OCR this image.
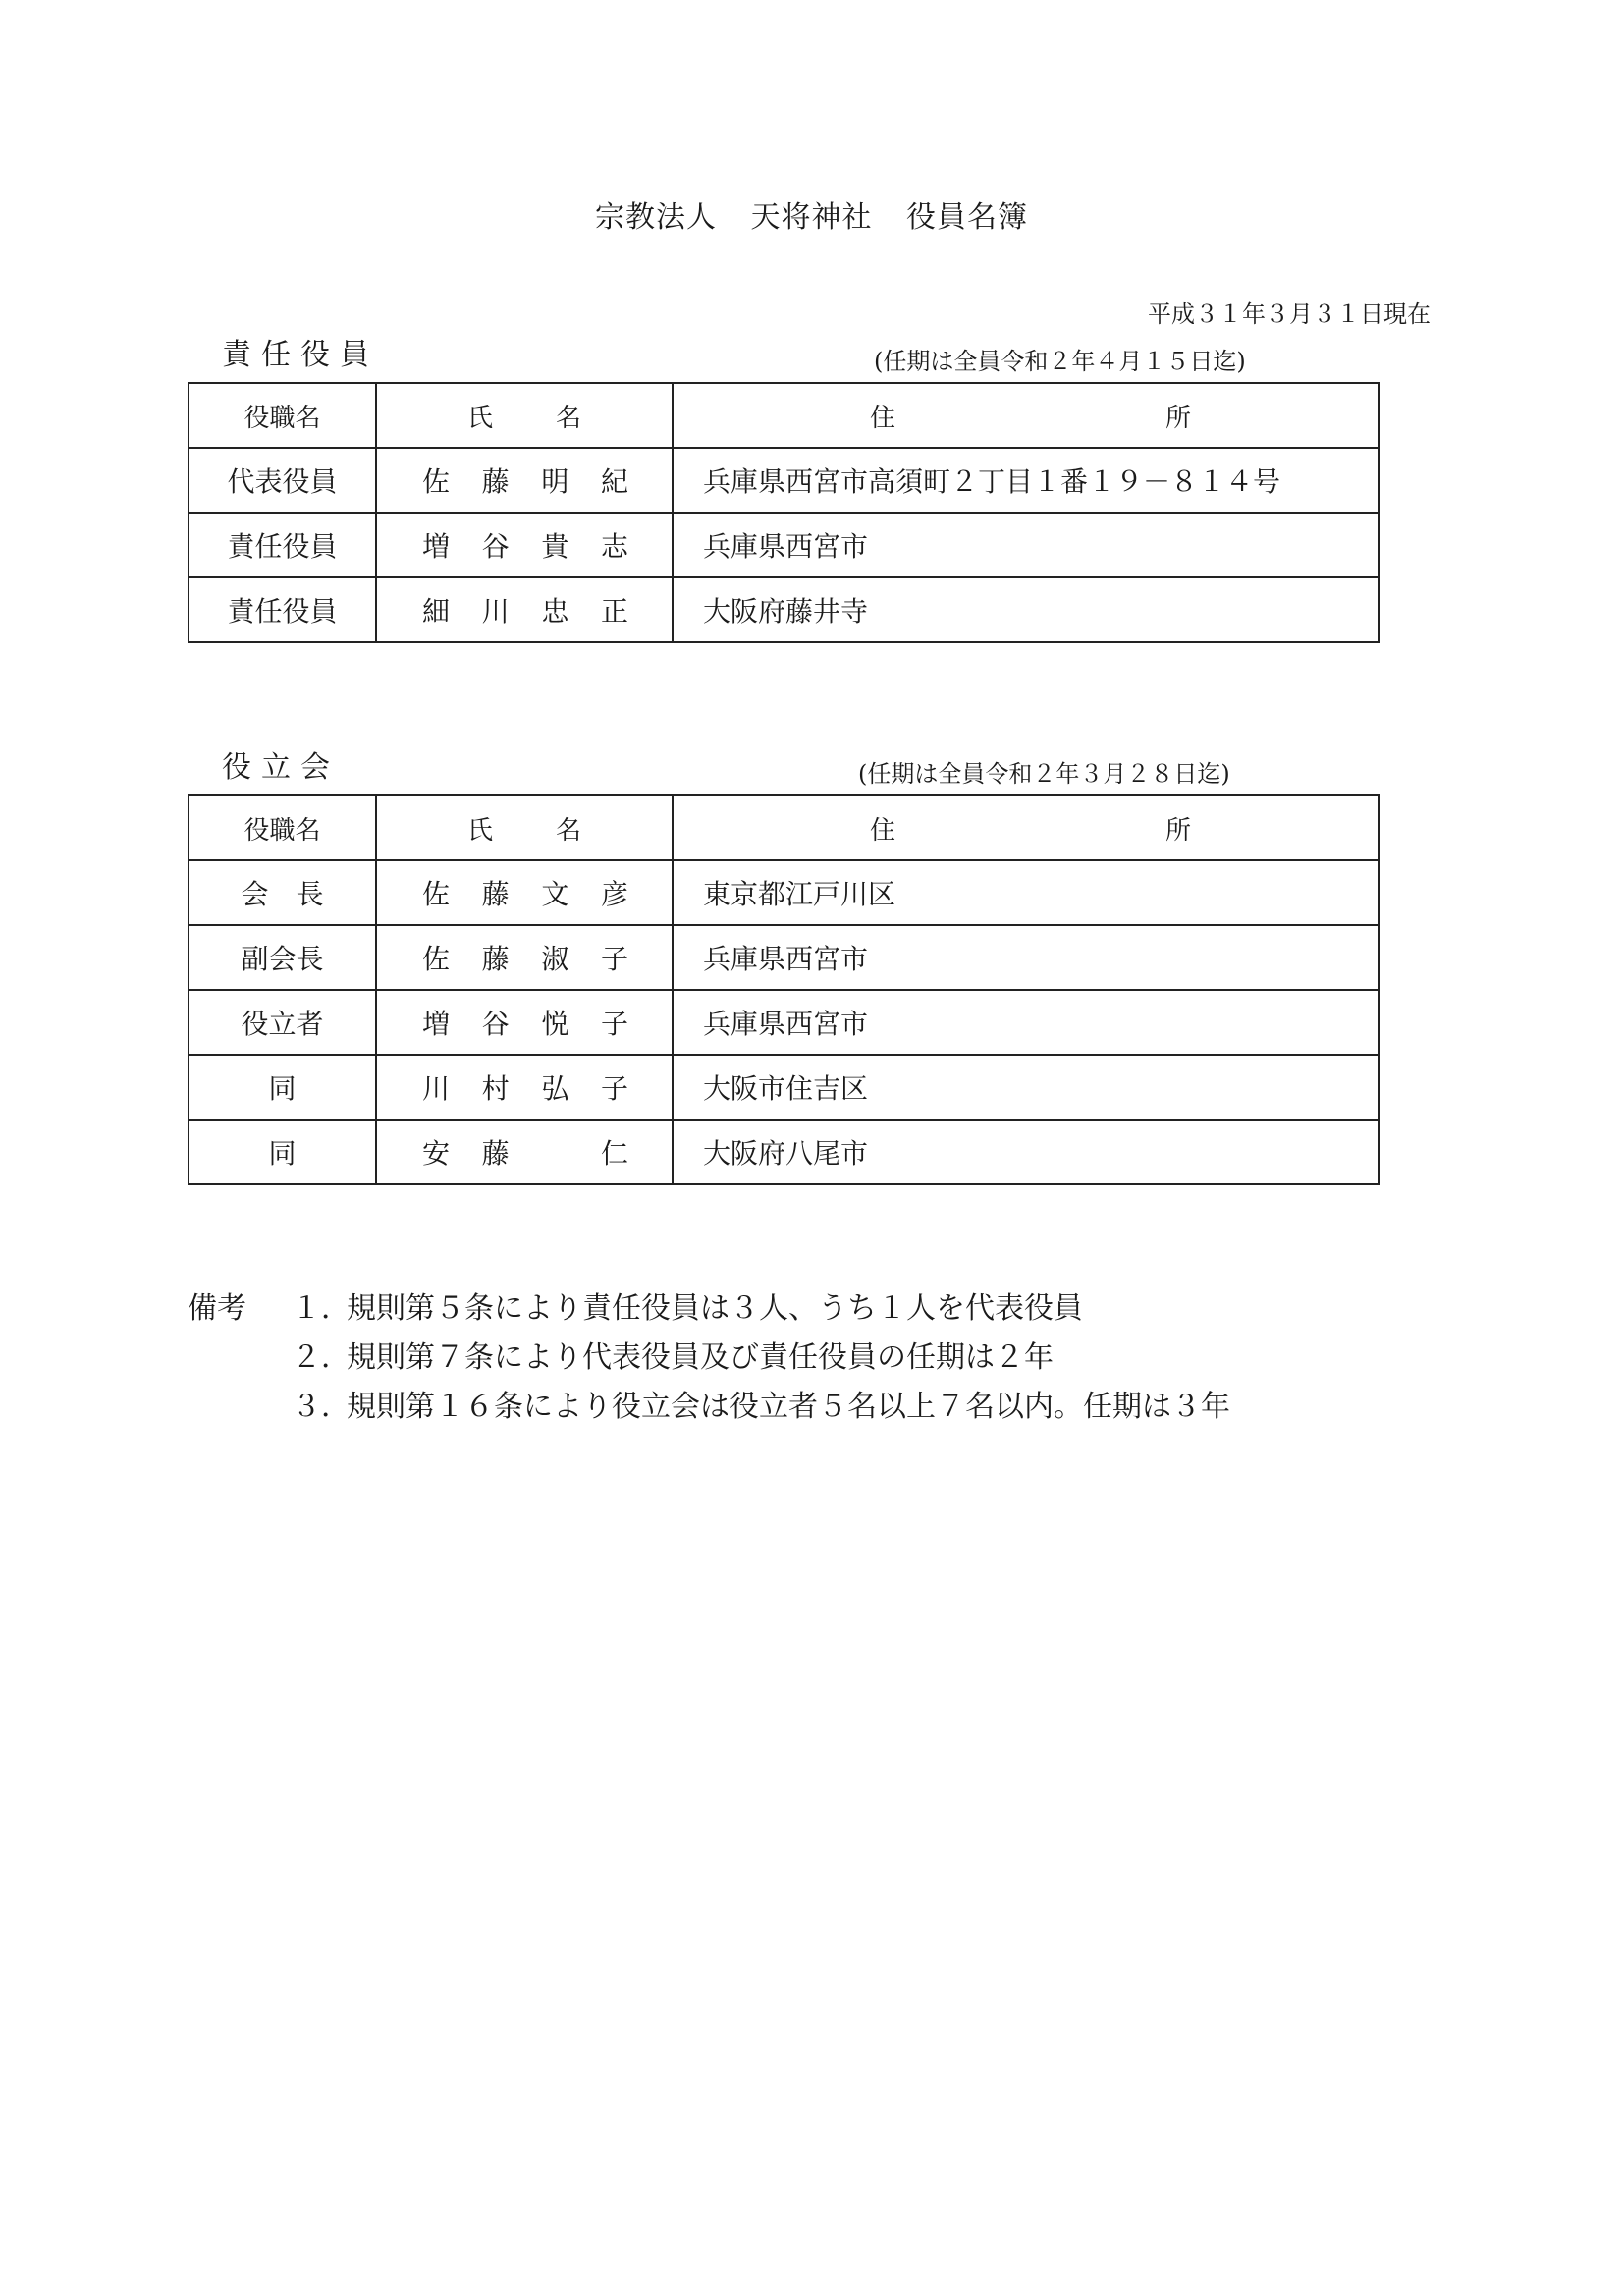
宗教法人 天将神社 役員名簿
平成３１年３月３１日現在
責任役員	(任期は全員令和２年４月１５日迄)
役職名	氏 名	住 所

代表役員	佐 藤 明 紀	兵庫県西宮市高須町２丁目１番１９－８１４号
責任役員	増 谷 貴 志	兵庫県西宮市
責任役員	細 川 忠 正	大阪府藤井寺
役立会	(任期は全員令和２年３月２８日迄)
役職名	氏 名	住 所

会　長	佐 藤 文 彦	東京都江戸川区
副会長	佐 藤 淑 子	兵庫県西宮市
役立者	増 谷 悦 子	兵庫県西宮市
同	川 村 弘 子	大阪市住吉区
同	安 藤 仁	大阪府八尾市
備考	１．規則第５条により責任役員は３人、うち１人を代表役員
２．規則第７条により代表役員及び責任役員の任期は２年
３．規則第１６条により役立会は役立者５名以上７名以内。任期は３年
